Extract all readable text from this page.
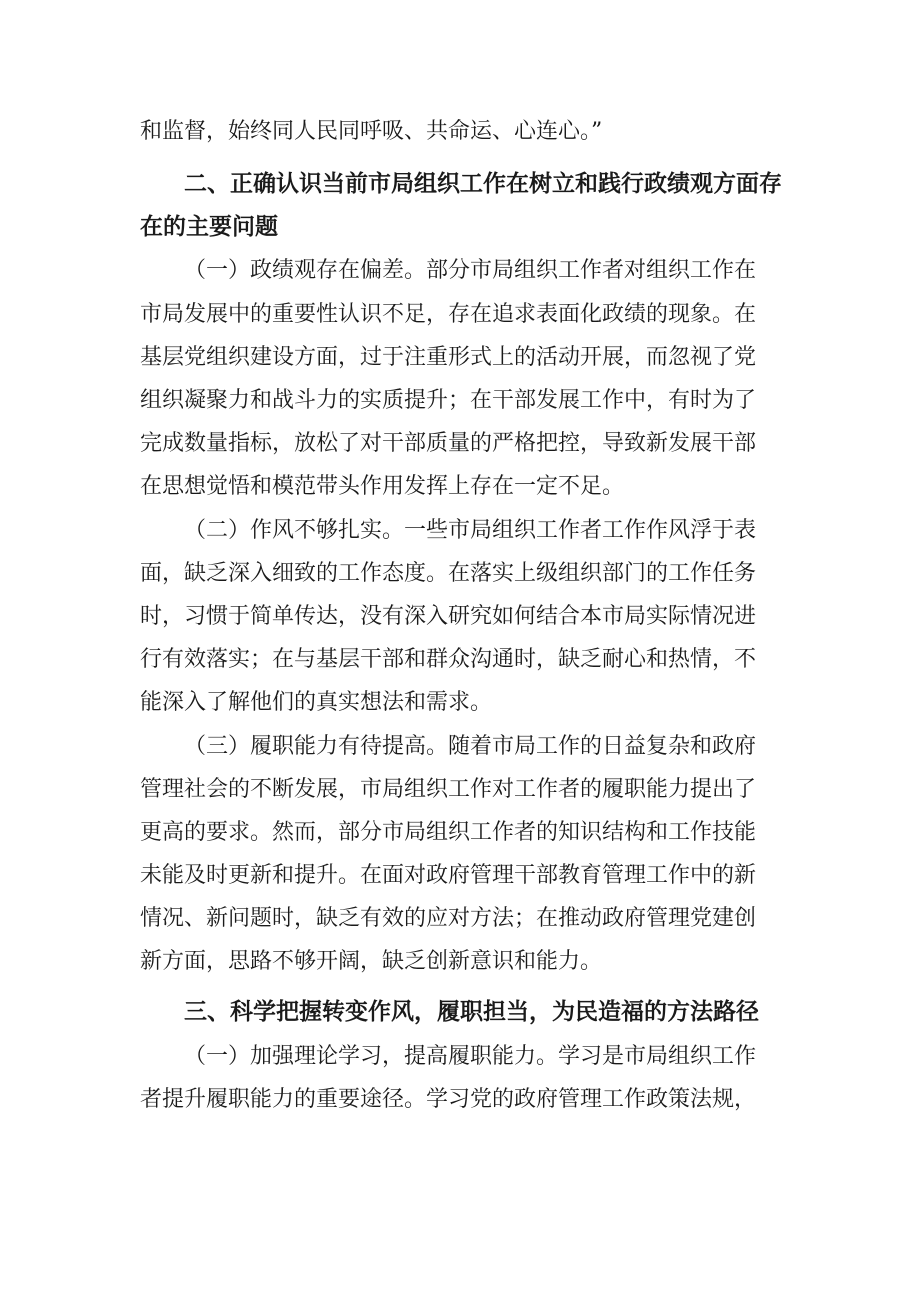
和监督，始终同人民同呼吸、共命运、心连心。”
二、正确认识当前市局组织工作在树立和践行政绩观方面存
在的主要问题
（一）政绩观存在偏差。部分市局组织工作者对组织工作在
市局发展中的重要性认识不足，存在追求表面化政绩的现象。在
基层党组织建设方面，过于注重形式上的活动开展，而忽视了党
组织凝聚力和战斗力的实质提升；在干部发展工作中，有时为了
完成数量指标，放松了对干部质量的严格把控，导致新发展干部
在思想觉悟和模范带头作用发挥上存在一定不足。
（二）作风不够扎实。一些市局组织工作者工作作风浮于表
面，缺乏深入细致的工作态度。在落实上级组织部门的工作任务
时，习惯于简单传达，没有深入研究如何结合本市局实际情况进
行有效落实；在与基层干部和群众沟通时，缺乏耐心和热情，不
能深入了解他们的真实想法和需求。
（三）履职能力有待提高。随着市局工作的日益复杂和政府
管理社会的不断发展，市局组织工作对工作者的履职能力提出了
更高的要求。然而，部分市局组织工作者的知识结构和工作技能
未能及时更新和提升。在面对政府管理干部教育管理工作中的新
情况、新问题时，缺乏有效的应对方法；在推动政府管理党建创
新方面，思路不够开阔，缺乏创新意识和能力。
三、科学把握转变作风，履职担当，为民造福的方法路径
（一）加强理论学习，提高履职能力。学习是市局组织工作
者提升履职能力的重要途径。学习党的政府管理工作政策法规，
